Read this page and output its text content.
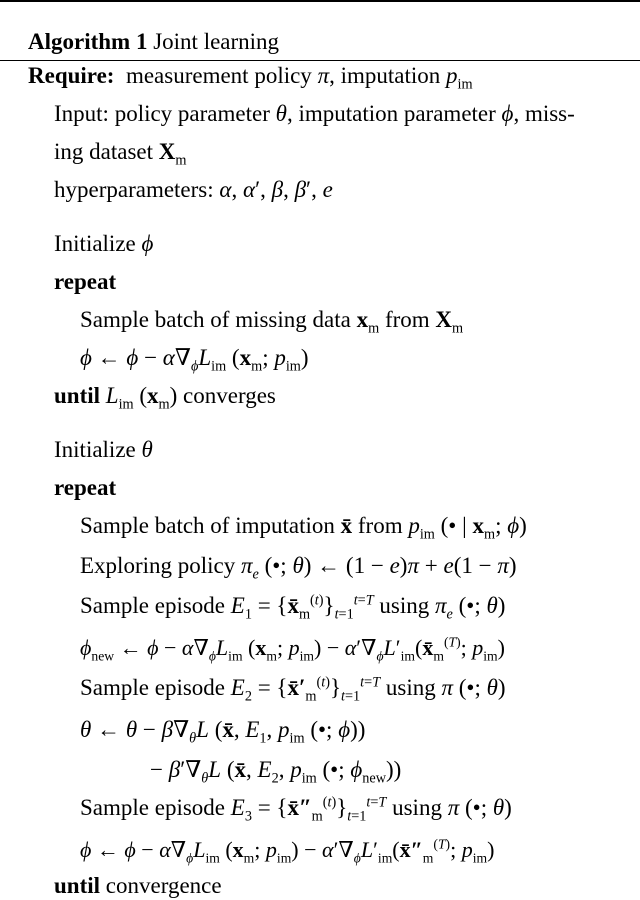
Algorithm 1 Joint learning
Require:  measurement policy π, imputation $p_{im}$
Input: policy parameter θ, imputation parameter ϕ, miss-
ing dataset $X_m$
hyperparameters: α, α′, β, β′, e
Initialize ϕ
repeat
Sample batch of missing data $x_m$ from $X_m$
ϕ ← $\phi - \alpha\nabla_\phi L_{im}$ ($x_m$; $p_{im}$)
until $L_{im}$ $(x_m)$ converges
Initialize θ
repeat
Sample batch of imputation x̄ from $p_{im}$ (• | $x_m$; ϕ)
Exploring policy $\pi_e$ (•; θ) ← (1 − e)π + e(1 − π)
Sample episode $E_1$ = $\{x̄_m^{(t)}\}_{t=1}^{t=T}$ using $\pi_e$ (•; θ)
$\phi_{new}$ ← $\phi - \alpha\nabla_\phi L_{im}$ ($x_m$; $p_{im}$) − $\alpha'\nabla_\phi L'_{im}(x̄_m^{(T)}$; $p_{im}$)
Sample episode $E_2$ = $\{x̄'_m^{(t)}\}_{t=1}^{t=T}$ using π (•; θ)
θ ← $\theta - \beta\nabla_\theta L$ (x̄, $E_1$, $p_{im}$ (•; ϕ))
− $\beta'\nabla_\theta L$ (x̄, $E_2$, $p_{im}$ (•; $\phi_{new}$))
Sample episode $E_3$ = $\{x̄''_m^{(t)}\}_{t=1}^{t=T}$ using π (•; θ)
ϕ ← $\phi - \alpha\nabla_\phi L_{im}$ ($x_m$; $p_{im}$) − $\alpha'\nabla_\phi L'_{im}(x̄''_m^{(T)}$; $p_{im}$)
until convergence
